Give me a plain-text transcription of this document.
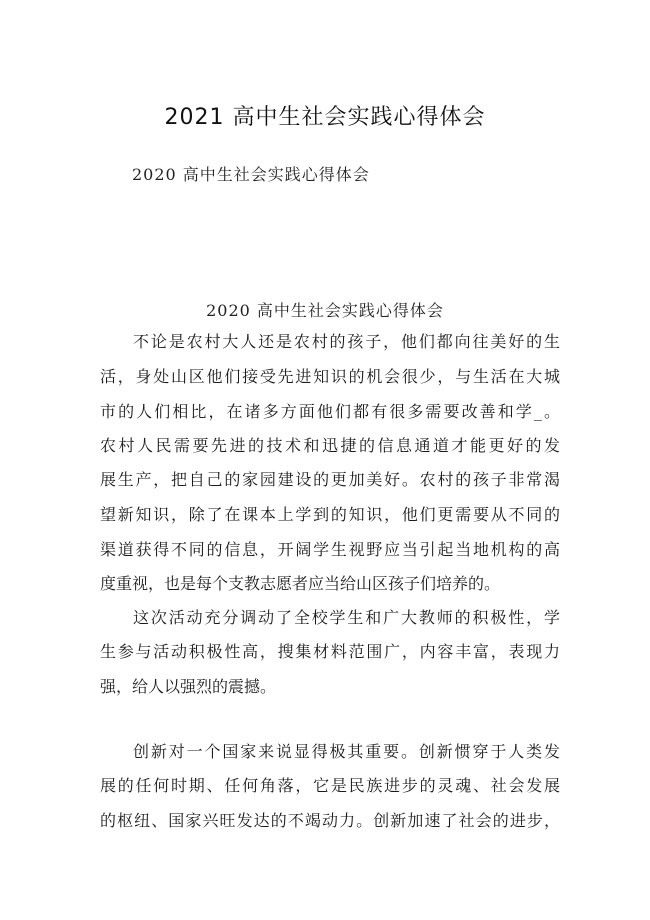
2021 高中生社会实践心得体会
2020 高中生社会实践心得体会
2020 高中生社会实践心得体会
不论是农村大人还是农村的孩子，他们都向往美好的生
活，身处山区他们接受先进知识的机会很少，与生活在大城
市的人们相比，在诸多方面他们都有很多需要改善和学_。
农村人民需要先进的技术和迅捷的信息通道才能更好的发
展生产，把自己的家园建设的更加美好。农村的孩子非常渴
望新知识，除了在课本上学到的知识，他们更需要从不同的
渠道获得不同的信息，开阔学生视野应当引起当地机构的高
度重视，也是每个支教志愿者应当给山区孩子们培养的。
这次活动充分调动了全校学生和广大教师的积极性，学
生参与活动积极性高，搜集材料范围广，内容丰富，表现力
强，给人以强烈的震撼。
创新对一个国家来说显得极其重要。创新惯穿于人类发
展的任何时期、任何角落，它是民族进步的灵魂、社会发展
的枢纽、国家兴旺发达的不竭动力。创新加速了社会的进步，
